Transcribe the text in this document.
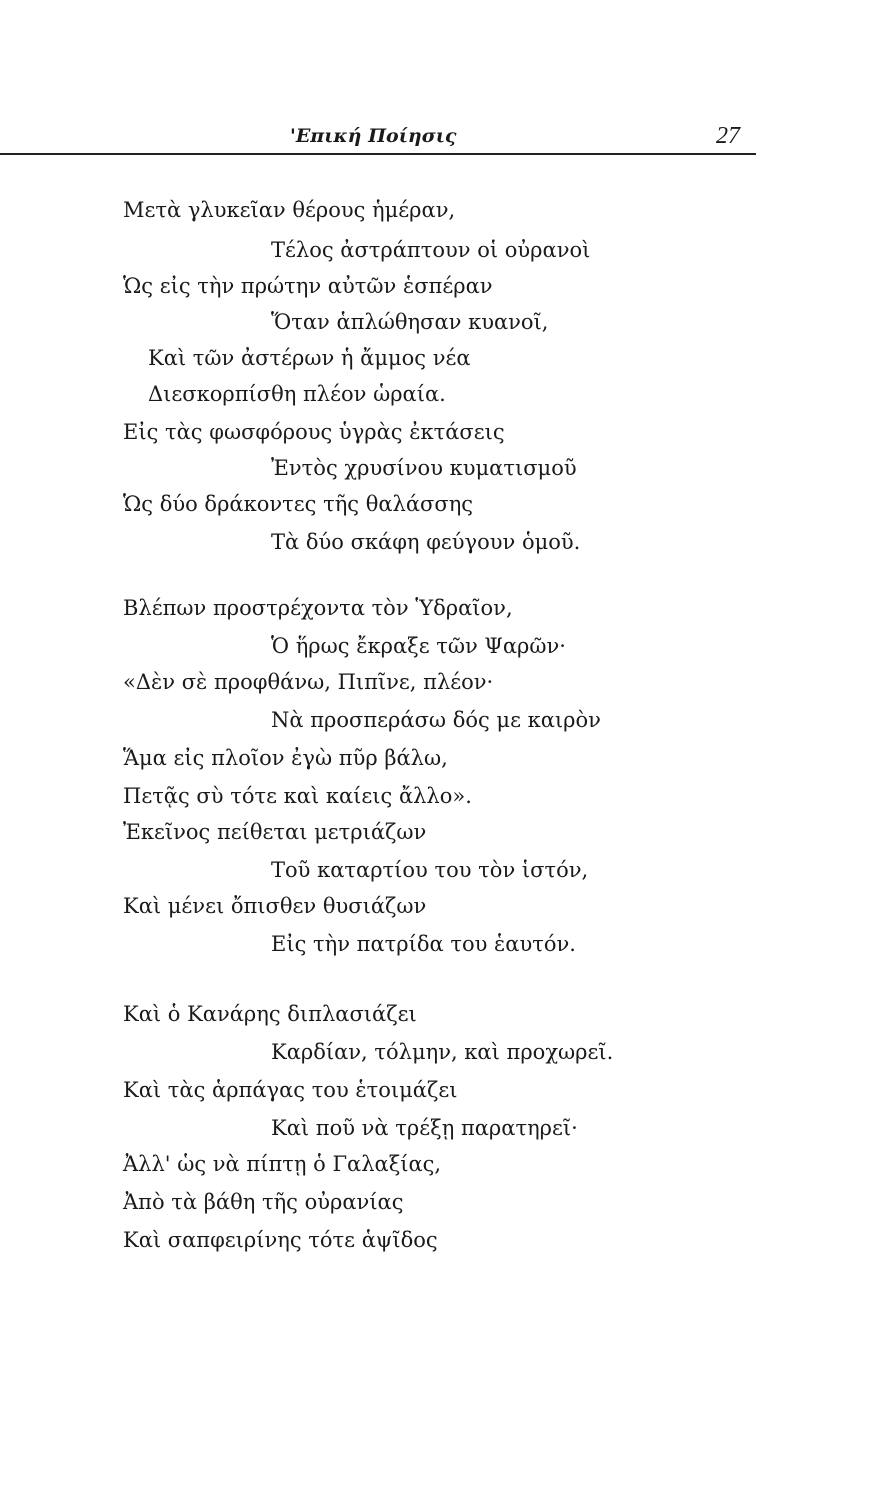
'Επική Ποίησις	27
Μετὰ γλυκεῖαν θέρους ἡμέραν,
Τέλος ἀστράπτουν οἱ οὐρανοὶ
Ὡς εἰς τὴν πρώτην αὐτῶν ἑσπέραν
Ὅταν ἁπλώθησαν κυανοῖ,
Καὶ τῶν ἀστέρων ἡ ἄμμος νέα
Διεσκορπίσθη πλέον ὡραία.
Εἰς τὰς φωσφόρους ὑγρὰς ἐκτάσεις
Ἐντὸς χρυσίνου κυματισμοῦ
Ὡς δύο δράκοντες τῆς θαλάσσης
Τὰ δύο σκάφη φεύγουν ὁμοῦ.
Βλέπων προστρέχοντα τὸν Ὑδραῖον,
Ὁ ἥρως ἔκραξε τῶν Ψαρῶν·
«Δὲν σὲ προφθάνω, Πιπῖνε, πλέον·
Νὰ προσπεράσω δός με καιρὸν
Ἅμα εἰς πλοῖον ἐγὼ πῦρ βάλω,
Πετᾷς σὺ τότε καὶ καίεις ἄλλο».
Ἐκεῖνος πείθεται μετριάζων
Τοῦ καταρτίου του τὸν ἱστόν,
Καὶ μένει ὄπισθεν θυσιάζων
Εἰς τὴν πατρίδα του ἑαυτόν.
Καὶ ὁ Κανάρης διπλασιάζει
Καρδίαν, τόλμην, καὶ προχωρεῖ.
Καὶ τὰς ἁρπάγας του ἑτοιμάζει
Καὶ ποῦ νὰ τρέξῃ παρατηρεῖ·
Ἀλλ' ὡς νὰ πίπτῃ ὁ Γαλαξίας,
Ἀπὸ τὰ βάθη τῆς οὐρανίας
Καὶ σαπφειρίνης τότε ἁψῖδος
